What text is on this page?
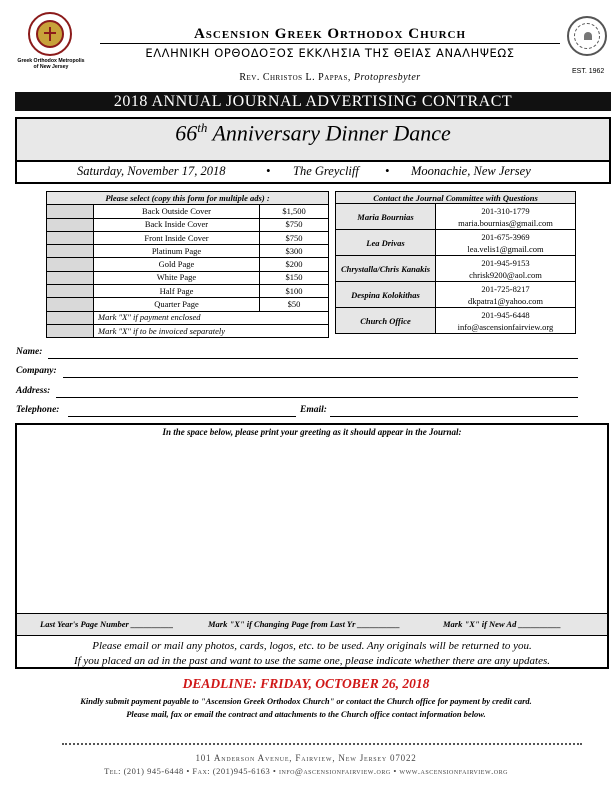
Greek Orthodox Metropolis of New Jersey
EST. 1962
Ascension Greek Orthodox Church
ΕΛΛΗΝΙΚΗ ΟΡΘΟΔΟΞΟΣ ΕΚΚΛΗΣΙΑ ΤΗΣ ΘΕΙΑΣ ΑΝΑΛΗΨΕΩΣ
Rev. Christos L. Pappas, Protopresbyter
2018 ANNUAL JOURNAL ADVERTISING CONTRACT
66th Anniversary Dinner Dance
Saturday, November 17, 2018	• The Greycliff • Moonachie, New Jersey
Please select (copy this form for multiple ads) :		
	Back Outside Cover	$1,500
	Back Inside Cover	$750
	Front Inside Cover	$750
	Platinum Page	$300
	Gold Page	$200
	White Page	$150
	Half Page	$100
	Quarter Page	$50
	Mark "X" if payment enclosed	
	Mark "X" if to be invoiced separately	
Contact the Journal Committee with Questions	
Maria Bournias	201-310-1779
maria.bournias@gmail.com

Lea Drivas	201-675-3969
lea.velis1@gmail.com

Chrystalla/Chris Kanakis	201-945-9153
chrisk9200@aol.com

Despina Kolokithas	201-725-8217
dkpatra1@yahoo.com

Church Office	201-945-6448
info@ascensionfairview.org
Name:
Company:
Address:
Telephone:	Email:
In the space below, please print your greeting as it should appear in the Journal:
Last Year's Page Number __________	Mark "X" if Changing Page from Last Yr __________	Mark "X" if New Ad __________
Please email or mail any photos, cards, logos, etc. to be used. Any originals will be returned to you.
If you placed an ad in the past and want to use the same one, please indicate whether there are any updates.
DEADLINE: FRIDAY, OCTOBER 26, 2018
Kindly submit payment payable to "Ascension Greek Orthodox Church" or contact the Church office for payment by credit card.
Please mail, fax or email the contract and attachments to the Church office contact information below.
101 Anderson Avenue, Fairview, New Jersey 07022
Tel: (201) 945-6448 • Fax: (201)945-6163 • info@ascensionfairview.org • www.ascensionfairview.org
